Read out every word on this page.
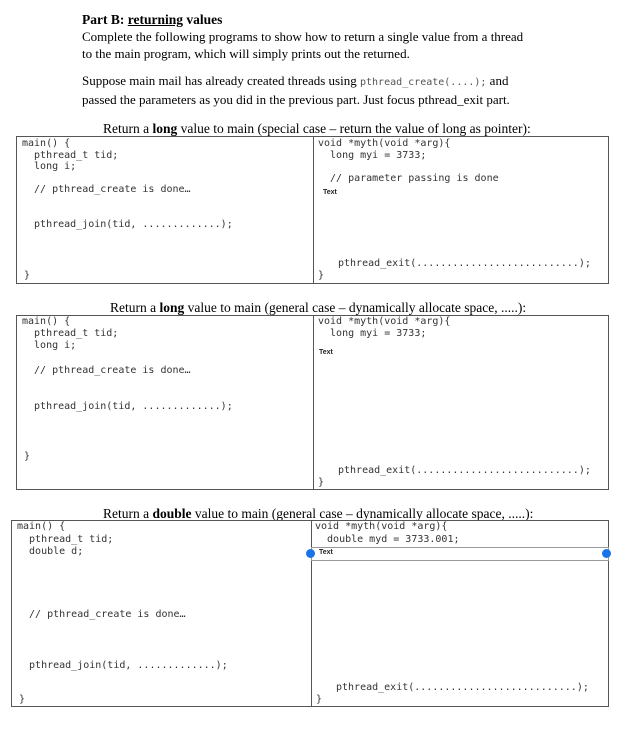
Part B: returning values
Complete the following programs to show how to return a single value from a thread
to the main program, which will simply prints out the returned.
Suppose main mail has already created threads using pthread_create(....); and
passed the parameters as you did in the previous part. Just focus pthread_exit part.
Return a long value to main (special case – return the value of long as pointer):
main() {
pthread_t tid;
long i;

// pthread_create is done…

pthread_join(tid, .............);
}
void *myth(void *arg){
long myi = 3733;

// parameter passing is done
Text
pthread_exit(...........................);
}
Return a long value to main (general case – dynamically allocate space, .....):
main() {
pthread_t tid;
long i;

// pthread_create is done…

pthread_join(tid, .............);
}
void *myth(void *arg){
long myi = 3733;
Text
pthread_exit(...........................);
}
Return a double value to main (general case – dynamically allocate space, .....):
main() {
pthread_t tid;
double d;

// pthread_create is done…

pthread_join(tid, .............);
}
void *myth(void *arg){
double myd = 3733.001;
Text
pthread_exit(...........................);
}
